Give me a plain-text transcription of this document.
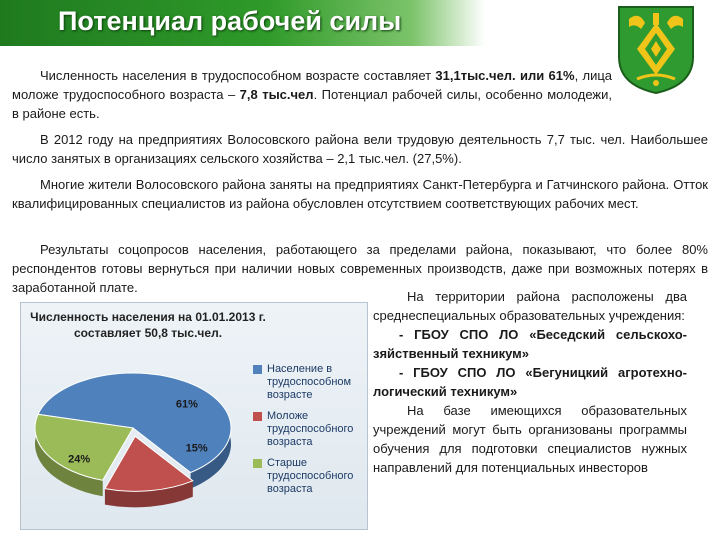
Потенциал рабочей силы

Численность населения в трудоспособном возрасте составляет 31,1тыс.чел. или 61%, лица моложе трудоспособного возраста – 7,8 тыс.чел. Потенциал рабочей силы, особенно молодежи, в районе есть.

В 2012 году на предприятиях Волосовского района вели трудовую деятельность 7,7 тыс. чел. Наибольшее число занятых в организациях сельского хозяйства – 2,1 тыс.чел. (27,5%).

Многие жители Волосовского района заняты на предприятиях Санкт-Петербурга и Гатчинского района. Отток квалифицированных специалистов из района обусловлен отсутствием соответствующих рабочих мест.

Результаты соцопросов населения, работающего за пределами района, показывают, что более 80% респондентов готовы вернуться при наличии новых современных производств, даже при возможных потерях в заработанной плате.

Численность населения на 01.01.2013 г. составляет 50,8 тыс.чел.
61%
15%
24%
Население в трудоспособном возрасте
Моложе трудоспособного возраста
Старше трудоспособного возраста

На территории района расположены два среднеспециальных образовательных учреждения:

- ГБОУ СПО ЛО «Беседский сельскохо-зяйственный техникум»

- ГБОУ СПО ЛО «Бегуницкий агротехно-логический техникум»

На базе имеющихся образовательных учреждений могут быть организованы программы обучения для подготовки специалистов нужных направлений для потенциальных инвесторов
